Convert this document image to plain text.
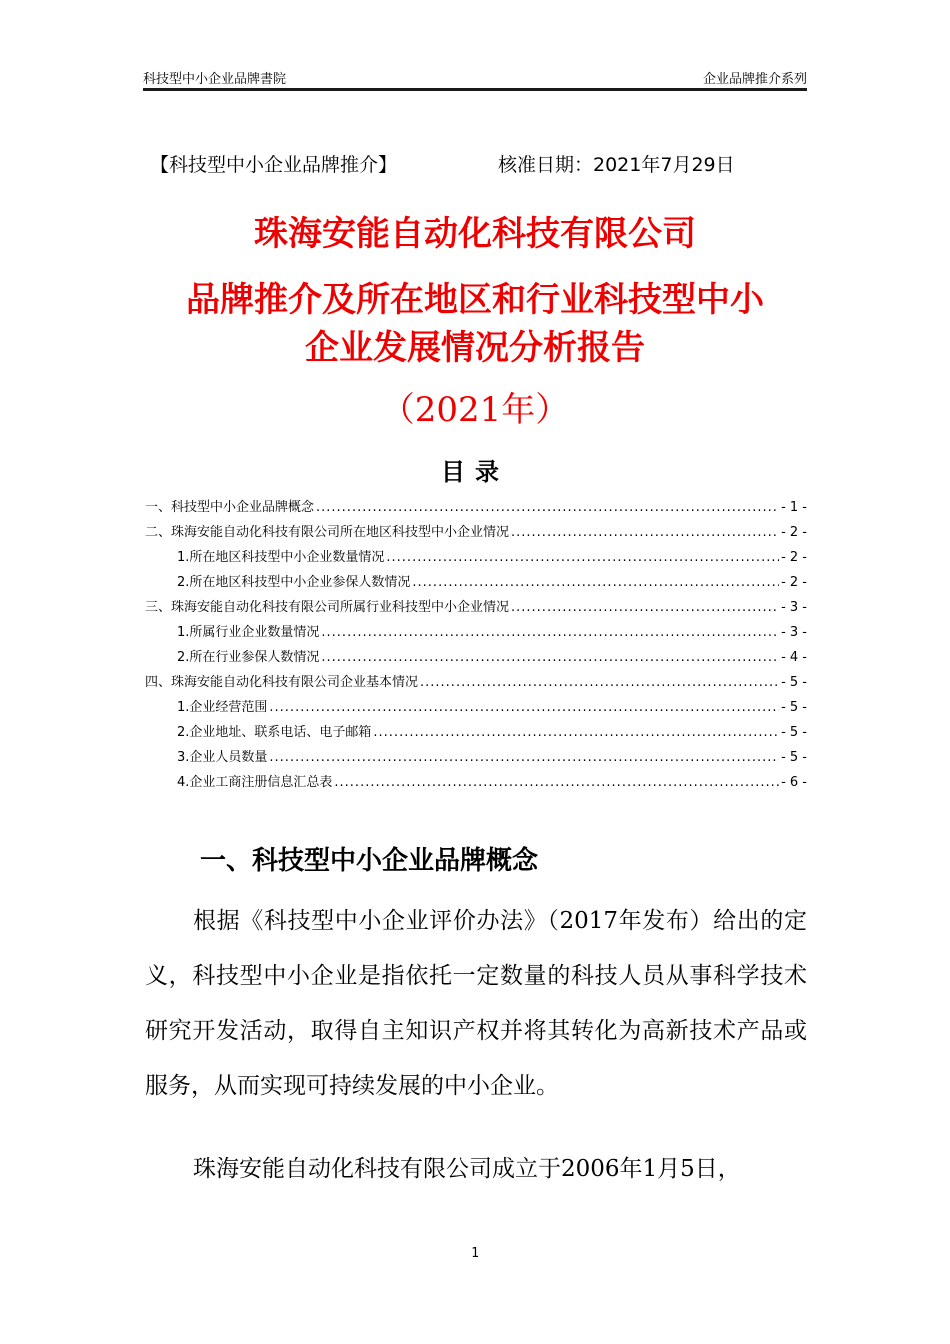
科技型中小企业品牌書院	企业品牌推介系列
【科技型中小企业品牌推介】	核准日期：2021年7月29日
珠海安能自动化科技有限公司
品牌推介及所在地区和行业科技型中小
企业发展情况分析报告
（2021年）
目录
一、科技型中小企业品牌概念 .....	- 1 -
二、珠海安能自动化科技有限公司所在地区科技型中小企业情况 .....	- 2 -
1.所在地区科技型中小企业数量情况 .....	- 2 -
2.所在地区科技型中小企业参保人数情况 .....	- 2 -
三、珠海安能自动化科技有限公司所属行业科技型中小企业情况 .....	- 3 -
1.所属行业企业数量情况 .....	- 3 -
2.所在行业参保人数情况 .....	- 4 -
四、珠海安能自动化科技有限公司企业基本情况 .....	- 5 -
1.企业经营范围 .....	- 5 -
2.企业地址、联系电话、电子邮箱 .....	- 5 -
3.企业人员数量 .....	- 5 -
4.企业工商注册信息汇总表 .....	- 6 -
一、科技型中小企业品牌概念
根据《科技型中小企业评价办法》（2017年发布）给出的定义，科技型中小企业是指依托一定数量的科技人员从事科学技术研究开发活动，取得自主知识产权并将其转化为高新技术产品或服务，从而实现可持续发展的中小企业。
珠海安能自动化科技有限公司成立于2006年1月5日，
1
